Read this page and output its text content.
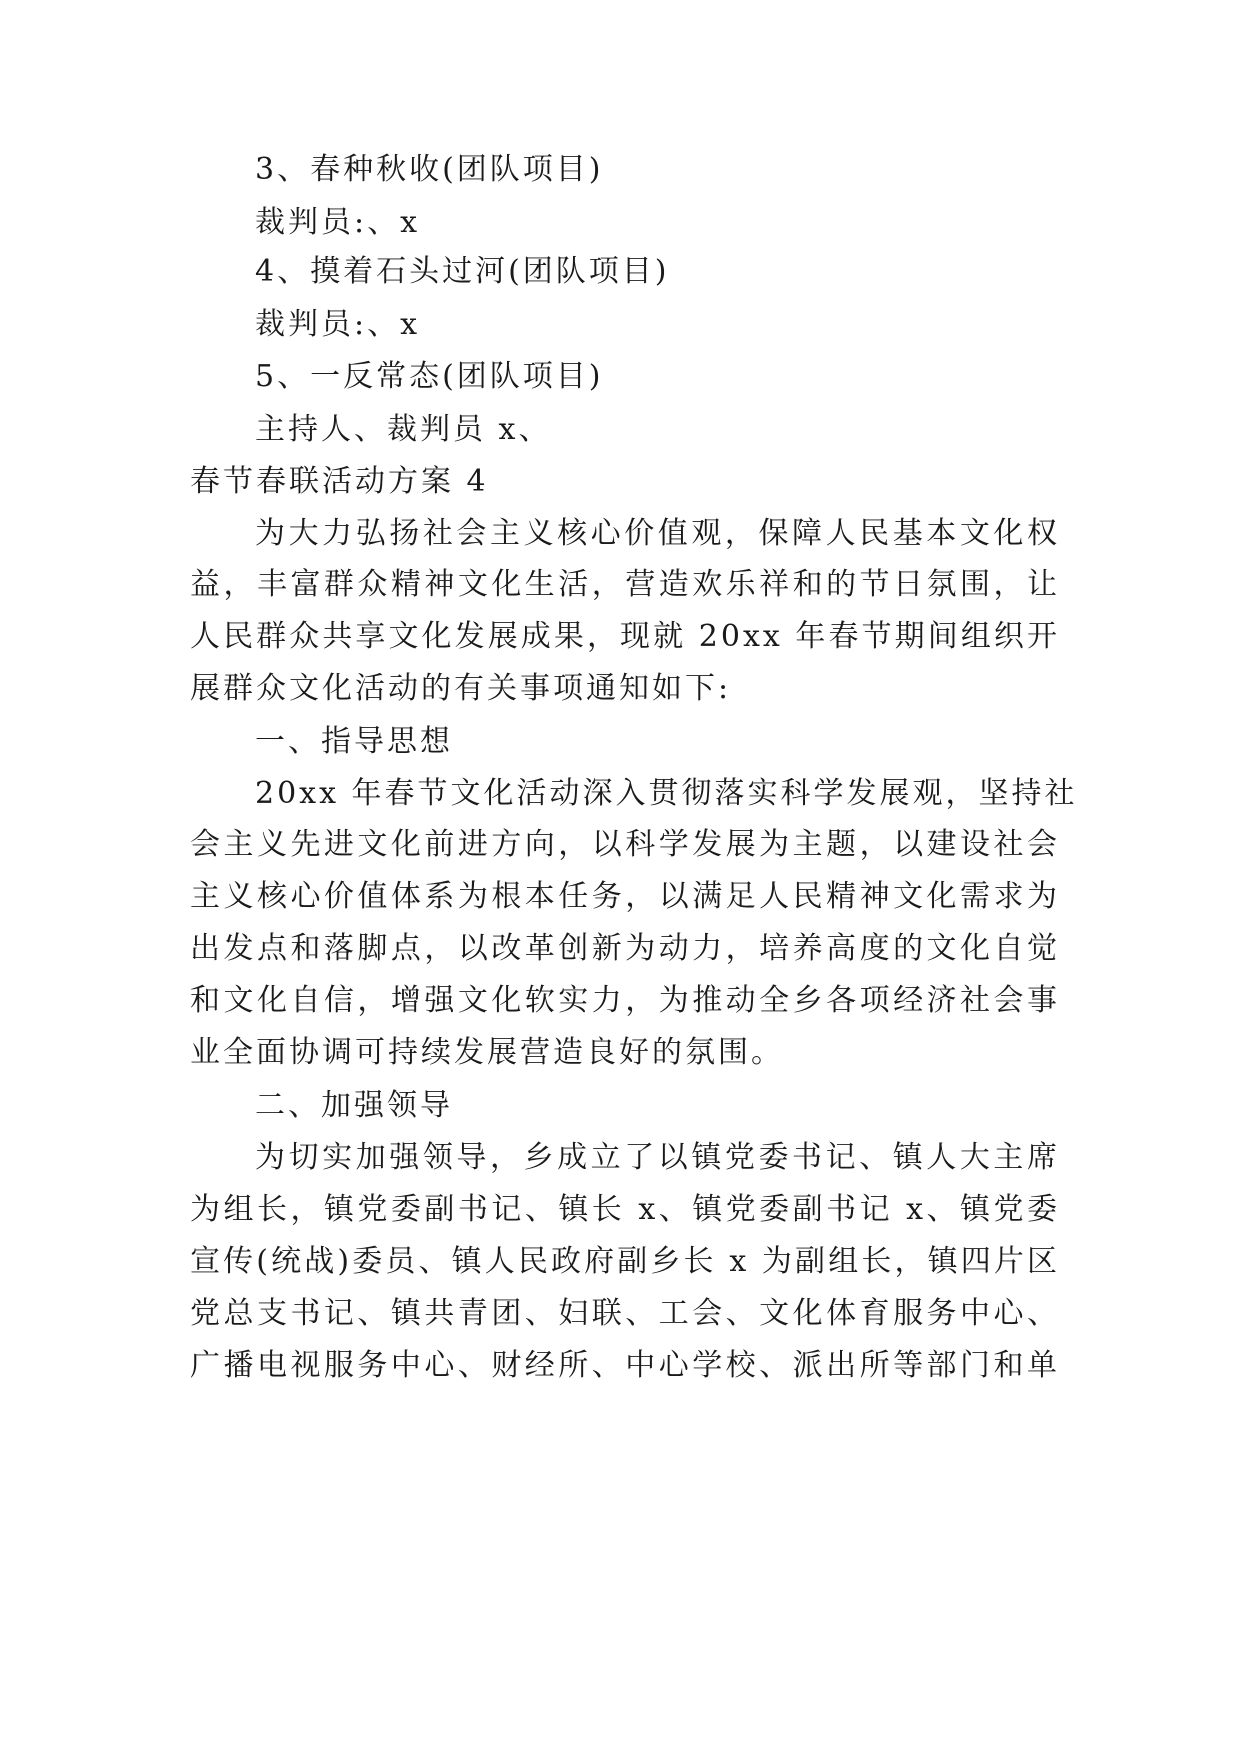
3、春种秋收(团队项目)
裁判员:、x
4、摸着石头过河(团队项目)
裁判员:、x
5、一反常态(团队项目)
主持人、裁判员 x、
春节春联活动方案 4
为大力弘扬社会主义核心价值观，保障人民基本文化权
益，丰富群众精神文化生活，营造欢乐祥和的节日氛围，让
人民群众共享文化发展成果，现就 20xx 年春节期间组织开
展群众文化活动的有关事项通知如下:
一、指导思想
20xx 年春节文化活动深入贯彻落实科学发展观，坚持社
会主义先进文化前进方向，以科学发展为主题，以建设社会
主义核心价值体系为根本任务，以满足人民精神文化需求为
出发点和落脚点，以改革创新为动力，培养高度的文化自觉
和文化自信，增强文化软实力，为推动全乡各项经济社会事
业全面协调可持续发展营造良好的氛围。
二、加强领导
为切实加强领导，乡成立了以镇党委书记、镇人大主席
为组长，镇党委副书记、镇长 x、镇党委副书记 x、镇党委
宣传(统战)委员、镇人民政府副乡长 x 为副组长，镇四片区
党总支书记、镇共青团、妇联、工会、文化体育服务中心、
广播电视服务中心、财经所、中心学校、派出所等部门和单
